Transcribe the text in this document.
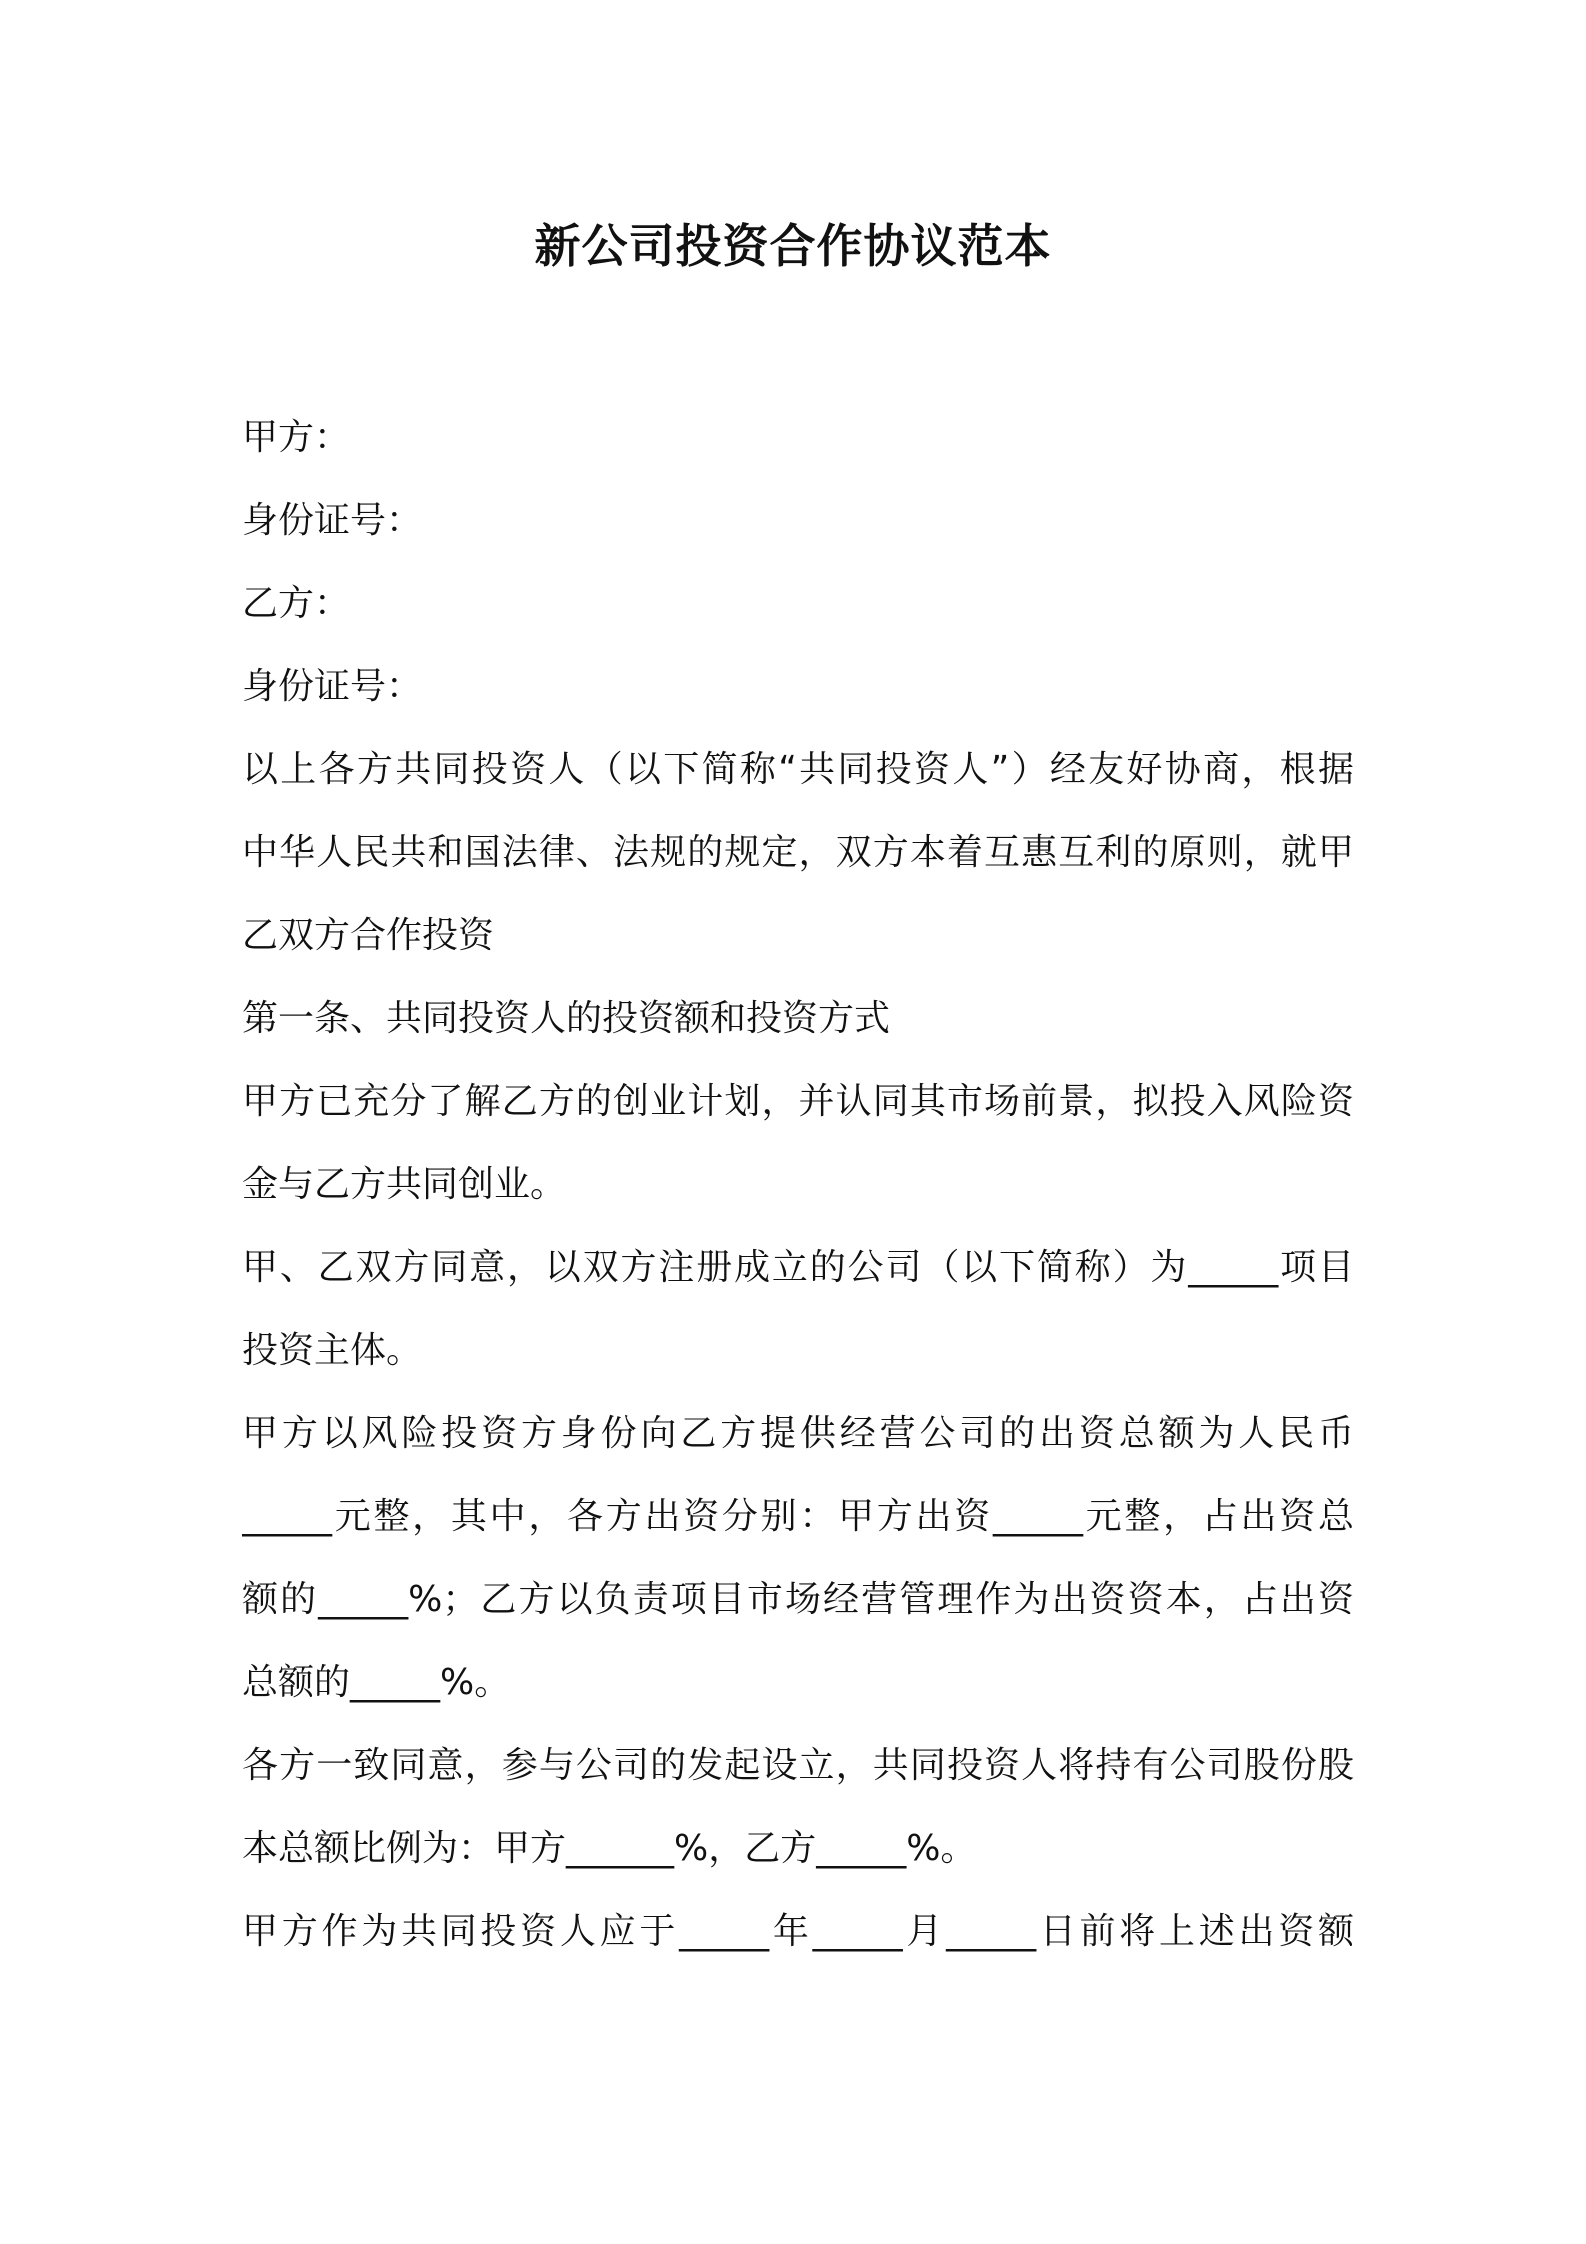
新公司投资合作协议范本
甲方：
身份证号：
乙方：
身份证号：
以上各方共同投资人（以下简称“共同投资人”）经友好协商，根据
中华人民共和国法律、法规的规定，双方本着互惠互利的原则，就甲
乙双方合作投资
第一条、共同投资人的投资额和投资方式
甲方已充分了解乙方的创业计划，并认同其市场前景，拟投入风险资
金与乙方共同创业。
甲、乙双方同意，以双方注册成立的公司（以下简称）为_____项目
投资主体。
甲方以风险投资方身份向乙方提供经营公司的出资总额为人民币
_____元整，其中，各方出资分别：甲方出资_____元整，占出资总
额的_____%；乙方以负责项目市场经营管理作为出资资本，占出资
总额的_____%。
各方一致同意，参与公司的发起设立，共同投资人将持有公司股份股
本总额比例为：甲方______%，乙方_____%。
甲方作为共同投资人应于_____年_____月_____日前将上述出资额
